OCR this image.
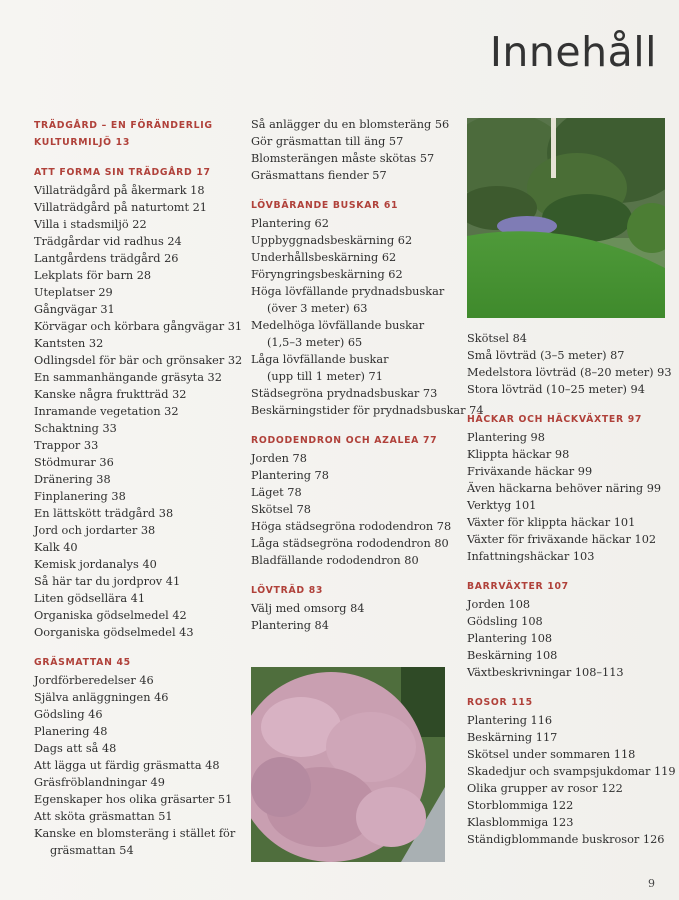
Innehåll
TRÄDGÅRD – EN FÖRÄNDERLIG
KULTURMILJÖ 13
ATT FORMA SIN TRÄDGÅRD 17
Villaträdgård på åkermark 18
Villaträdgård på naturtomt 21
Villa i stadsmiljö 22
Trädgårdar vid radhus 24
Lantgårdens trädgård 26
Lekplats för barn 28
Uteplatser 29
Gångvägar 31
Körvägar och körbara gångvägar 31
Kantsten 32
Odlingsdel för bär och grönsaker 32
En sammanhängande gräsyta 32
Kanske några fruktträd 32
Inramande vegetation 32
Schaktning 33
Trappor 33
Stödmurar 36
Dränering 38
Finplanering 38
En lättskött trädgård 38
Jord och jordarter 38
Kalk 40
Kemisk jordanalys 40
Så här tar du jordprov 41
Liten gödsellära 41
Organiska gödselmedel 42
Oorganiska gödselmedel 43
GRÄSMATTAN 45
Jordförberedelser 46
Själva anläggningen 46
Gödsling 46
Planering 48
Dags att så 48
Att lägga ut färdig gräsmatta 48
Gräsfröblandningar 49
Egenskaper hos olika gräsarter 51
Att sköta gräsmattan 51
Kanske en blomsteräng i stället för
gräsmattan 54
Så anlägger du en blomsteräng 56
Gör gräsmattan till äng 57
Blomsterängen måste skötas 57
Gräsmattans fiender 57
LÖVBÄRANDE BUSKAR 61
Plantering 62
Uppbyggnadsbeskärning 62
Underhållsbeskärning 62
Föryngringsbeskärning 62
Höga lövfällande prydnadsbuskar
(över 3 meter) 63
Medelhöga lövfällande buskar
(1,5–3 meter) 65
Låga lövfällande buskar
(upp till 1 meter) 71
Städsegröna prydnadsbuskar 73
Beskärningstider för prydnadsbuskar 74
RODODENDRON OCH AZALEA 77
Jorden 78
Plantering 78
Läget 78
Skötsel 78
Höga städsegröna rododendron 78
Låga städsegröna rododendron 80
Bladfällande rododendron 80
LÖVTRÄD 83
Välj med omsorg 84
Plantering 84
Skötsel 84
Små lövträd (3–5 meter) 87
Medelstora lövträd (8–20 meter) 93
Stora lövträd (10–25 meter) 94
HÄCKAR OCH HÄCKVÄXTER 97
Plantering 98
Klippta häckar 98
Friväxande häckar 99
Även häckarna behöver näring 99
Verktyg 101
Växter för klippta häckar 101
Växter för friväxande häckar 102
Infattningshäckar 103
BARRVÄXTER 107
Jorden 108
Gödsling 108
Plantering 108
Beskärning 108
Växtbeskrivningar 108–113
ROSOR 115
Plantering 116
Beskärning 117
Skötsel under sommaren 118
Skadedjur och svampsjukdomar 119
Olika grupper av rosor 122
Storblommiga 122
Klasblommiga 123
Ständigblommande buskrosor 126
9
